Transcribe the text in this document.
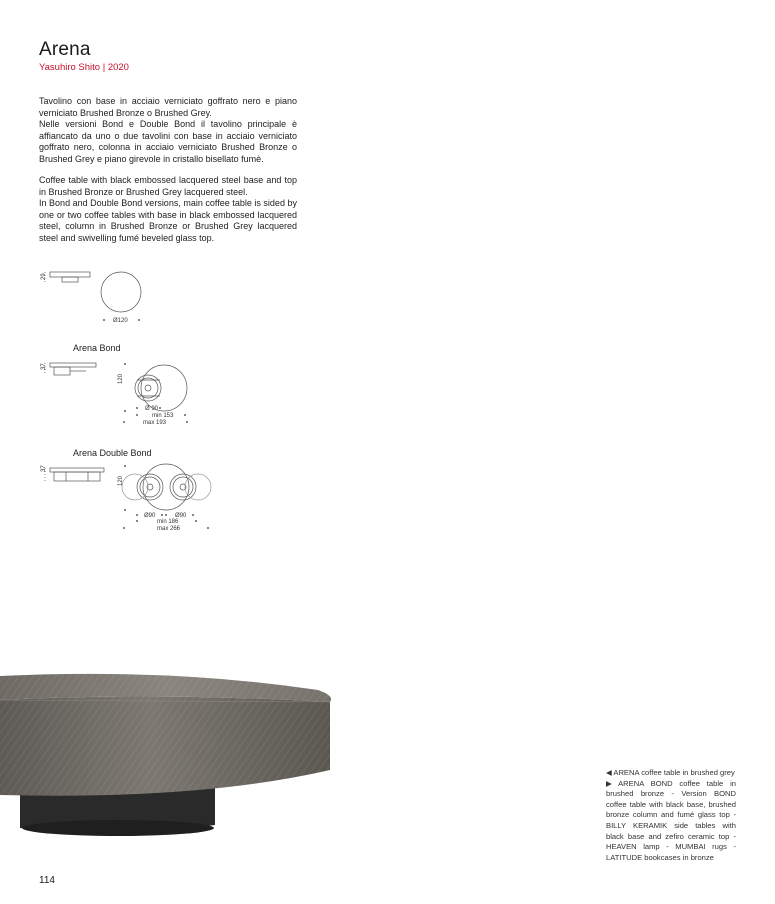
Arena
Yasuhiro Shito | 2020

Tavolino con base in acciaio verniciato goffrato nero e piano verniciato Brushed Bronze o Brushed Grey.

Nelle versioni Bond e Double Bond il tavolino principale è affiancato da uno o due tavolini con base in acciaio verniciato goffrato nero, colonna in acciaio verniciato Brushed Bronze o Brushed Grey e piano girevole in cristallo bisellato fumè.

Coffee table with black embossed lacquered steel base and top in Brushed Bronze or Brushed Grey lacquered steel.

In Bond and Double Bond versions, main coffee table is sided by one or two coffee tables with base in black embossed lacquered steel, column in Brushed Bronze or Brushed Grey lacquered steel and swivelling fumé beveled glass top.

29
Ø120
37
120
Ø 90
min 153
max 193
37
120
Ø90	Ø90
min 186
max 266
Arena Bond
Arena Double Bond

◀  ARENA coffee table in brushed grey

▶  ARENA BOND coffee table in brushed bronze - Version BOND coffee table with black base, brushed bronze column and fumé glass top - BILLY KERAMIK side tables with black base and zefiro ceramic top - HEAVEN lamp - MUMBAI rugs - LATITUDE bookcases in bronze

114
